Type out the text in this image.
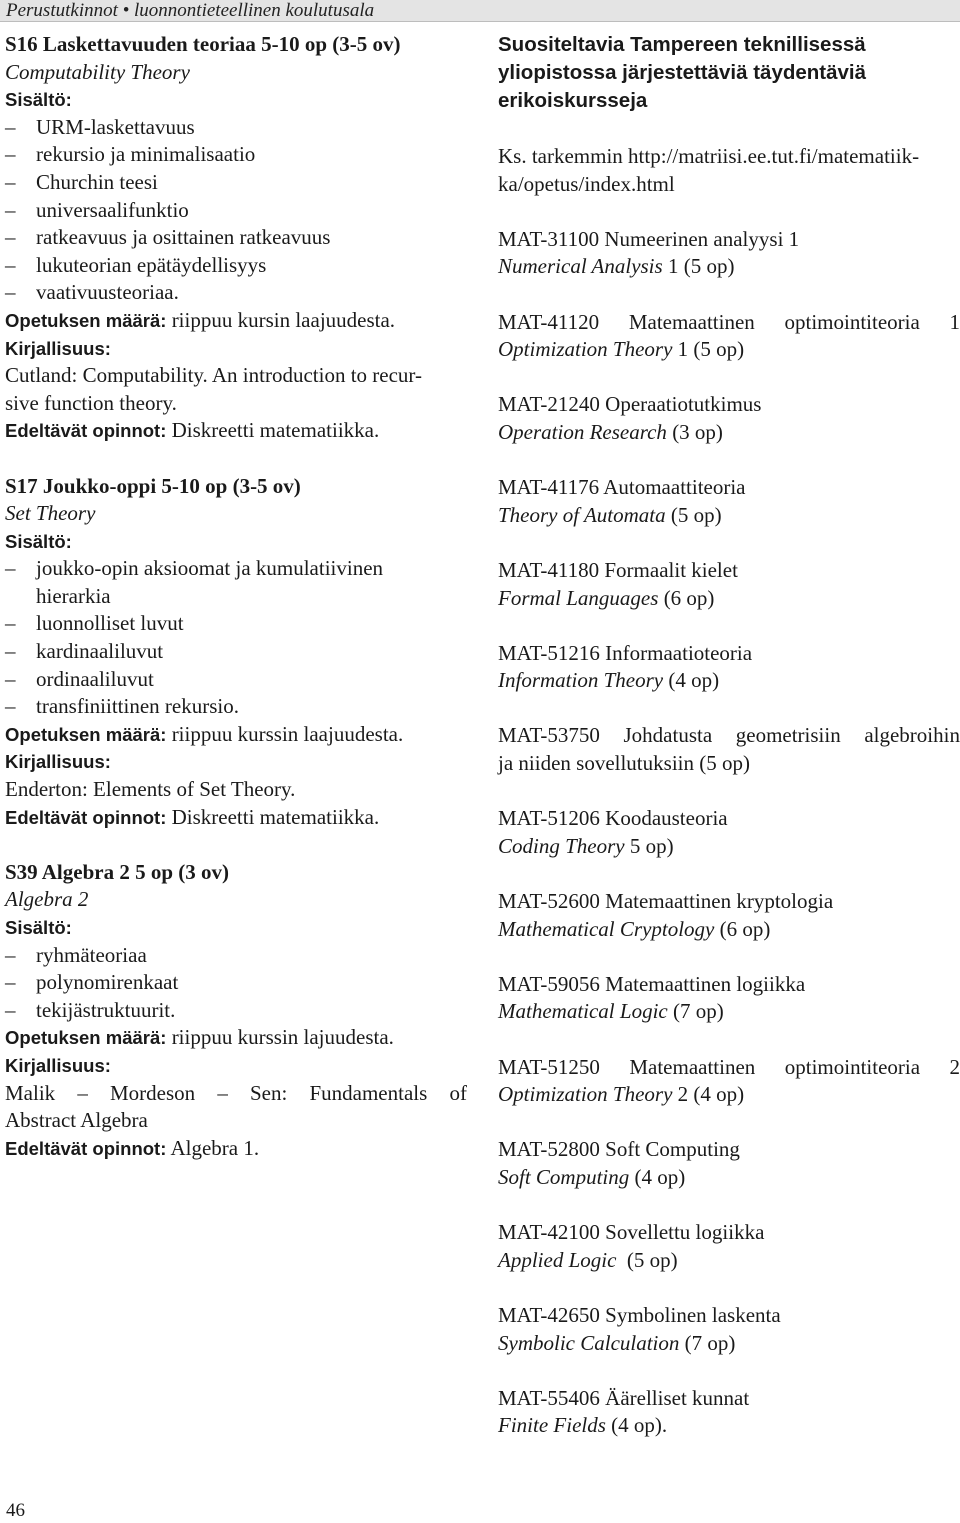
Perustutkinnot • luonnontieteellinen koulutusala
S16 Laskettavuuden teoriaa 5-10 op (3-5 ov)
Computability Theory
Sisältö:
– URM-laskettavuus
– rekursio ja minimalisaatio
– Churchin teesi
– universaalifunktio
– ratkeavuus ja osittainen ratkeavuus
– lukuteorian epätäydellisyys
– vaativuusteoriaa.
Opetuksen määrä: riippuu kursin laajuudesta.
Kirjallisuus:
Cutland: Computability. An introduction to recur-
sive function theory.
Edeltävät opinnot: Diskreetti matematiikka.
S17 Joukko-oppi 5-10 op (3-5 ov)
Set Theory
Sisältö:
– joukko-opin aksioomat ja kumulatiivinen
hierarkia
– luonnolliset luvut
– kardinaaliluvut
– ordinaaliluvut
– transfiniittinen rekursio.
Opetuksen määrä: riippuu kurssin laajuudesta.
Kirjallisuus:
Enderton: Elements of Set Theory.
Edeltävät opinnot: Diskreetti matematiikka.
S39 Algebra 2 5 op (3 ov)
Algebra 2
Sisältö:
– ryhmäteoriaa
– polynomirenkaat
– tekijästruktuurit.
Opetuksen määrä: riippuu kurssin lajuudesta.
Kirjallisuus:
Malik – Mordeson – Sen: Fundamentals of
Abstract Algebra
Edeltävät opinnot: Algebra 1.
Suositeltavia Tampereen teknillisessä yliopistossa järjestettäviä täydentäviä erikoiskursseja
Ks. tarkemmin http://matriisi.ee.tut.fi/matematiik-
ka/opetus/index.html
MAT-31100 Numeerinen analyysi 1
Numerical Analysis 1 (5 op)
MAT-41120 Matemaattinen optimointiteoria 1
Optimization Theory 1 (5 op)
MAT-21240 Operaatiotutkimus
Operation Research (3 op)
MAT-41176 Automaattiteoria
Theory of Automata (5 op)
MAT-41180 Formaalit kielet
Formal Languages (6 op)
MAT-51216 Informaatioteoria
Information Theory (4 op)
MAT-53750 Johdatusta geometrisiin algebroihin
ja niiden sovellutuksiin (5 op)
MAT-51206 Koodausteoria
Coding Theory 5 op)
MAT-52600 Matemaattinen kryptologia
Mathematical Cryptology (6 op)
MAT-59056 Matemaattinen logiikka
Mathematical Logic (7 op)
MAT-51250 Matemaattinen optimointiteoria 2
Optimization Theory 2 (4 op)
MAT-52800 Soft Computing
Soft Computing (4 op)
MAT-42100 Sovellettu logiikka
Applied Logic  (5 op)
MAT-42650 Symbolinen laskenta
Symbolic Calculation (7 op)
MAT-55406 Äärelliset kunnat
Finite Fields (4 op).
46
